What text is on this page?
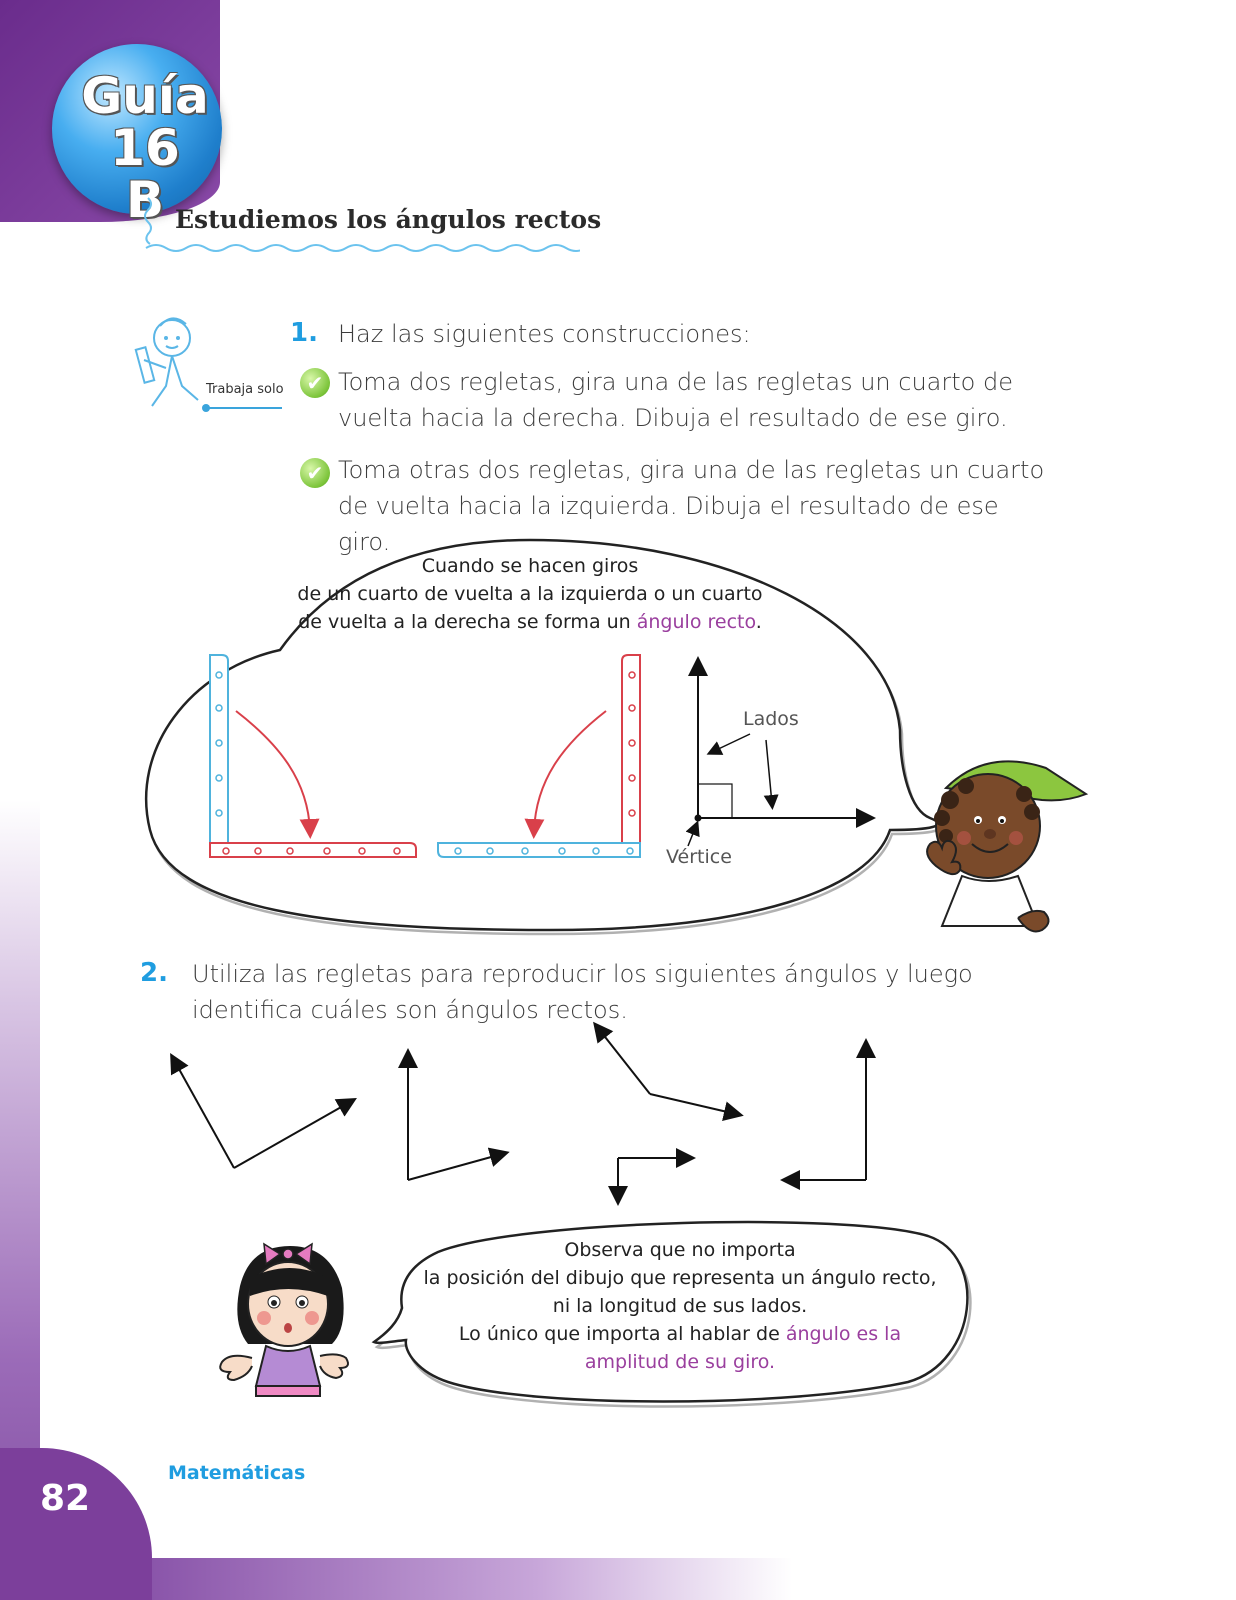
Guía 16
B Estudiemos los ángulos rectos
Trabaja solo
1. Haz las siguientes construcciones:
✔ Toma dos regletas, gira una de las regletas un cuarto de vuelta hacia la derecha. Dibuja el resultado de ese giro.
✔ Toma otras dos regletas, gira una de las regletas un cuarto de vuelta hacia la izquierda. Dibuja el resultado de ese giro.
Cuando se hacen giros
de un cuarto de vuelta a la izquierda o un cuarto
de vuelta a la derecha se forma un ángulo recto.
Lados
Vértice
2. Utiliza las regletas para reproducir los siguientes ángulos y luego
identifica cuáles son ángulos rectos.
Observa que no importa
la posición del dibujo que representa un ángulo recto,
ni la longitud de sus lados.
Lo único que importa al hablar de ángulo es la
amplitud de su giro.
Matemáticas
82
